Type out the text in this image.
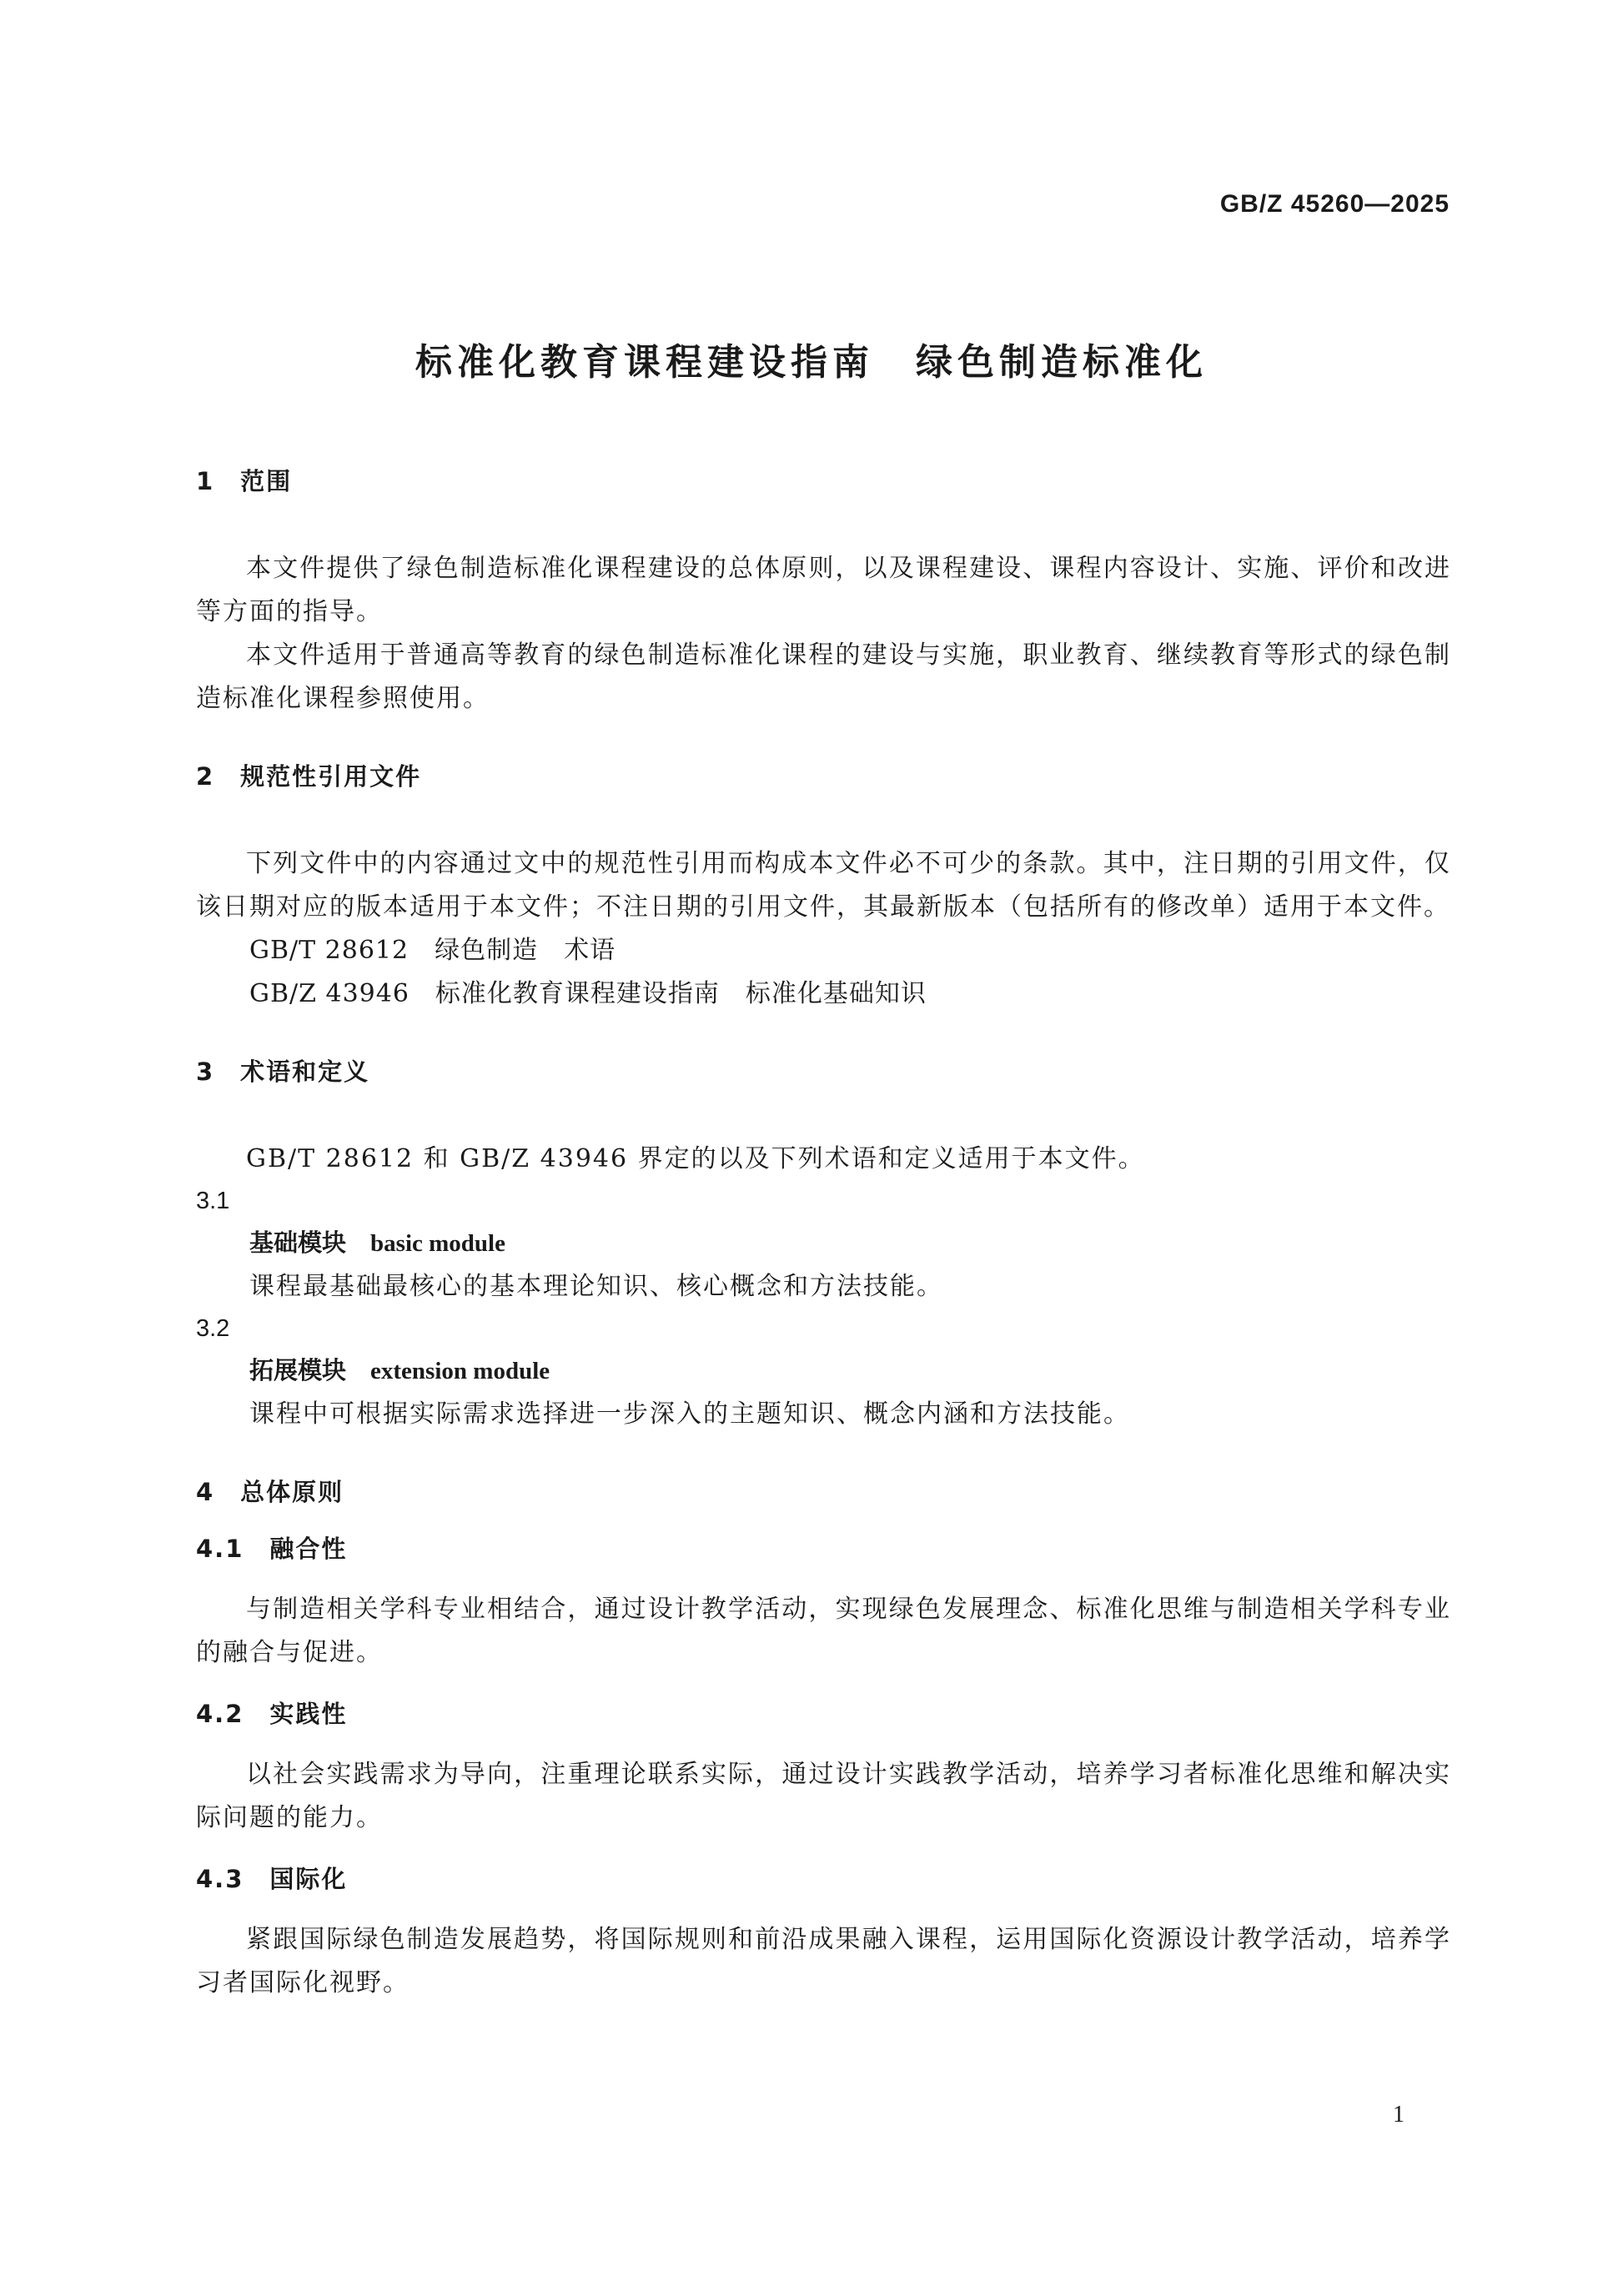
GB/Z 45260—2025
标准化教育课程建设指南　绿色制造标准化
1　范围
本文件提供了绿色制造标准化课程建设的总体原则，以及课程建设、课程内容设计、实施、评价和改进等方面的指导。
本文件适用于普通高等教育的绿色制造标准化课程的建设与实施，职业教育、继续教育等形式的绿色制造标准化课程参照使用。
2　规范性引用文件
下列文件中的内容通过文中的规范性引用而构成本文件必不可少的条款。其中，注日期的引用文件，仅该日期对应的版本适用于本文件；不注日期的引用文件，其最新版本（包括所有的修改单）适用于本文件。
GB/T 28612　绿色制造　术语
GB/Z 43946　标准化教育课程建设指南　标准化基础知识
3　术语和定义
GB/T 28612 和 GB/Z 43946 界定的以及下列术语和定义适用于本文件。
3.1
基础模块　 basic module
课程最基础最核心的基本理论知识、核心概念和方法技能。
3.2
拓展模块　 extension module
课程中可根据实际需求选择进一步深入的主题知识、概念内涵和方法技能。
4　总体原则
4.1　融合性
与制造相关学科专业相结合，通过设计教学活动，实现绿色发展理念、标准化思维与制造相关学科专业的融合与促进。
4.2　实践性
以社会实践需求为导向，注重理论联系实际，通过设计实践教学活动，培养学习者标准化思维和解决实际问题的能力。
4.3　国际化
紧跟国际绿色制造发展趋势，将国际规则和前沿成果融入课程，运用国际化资源设计教学活动，培养学习者国际化视野。
1
